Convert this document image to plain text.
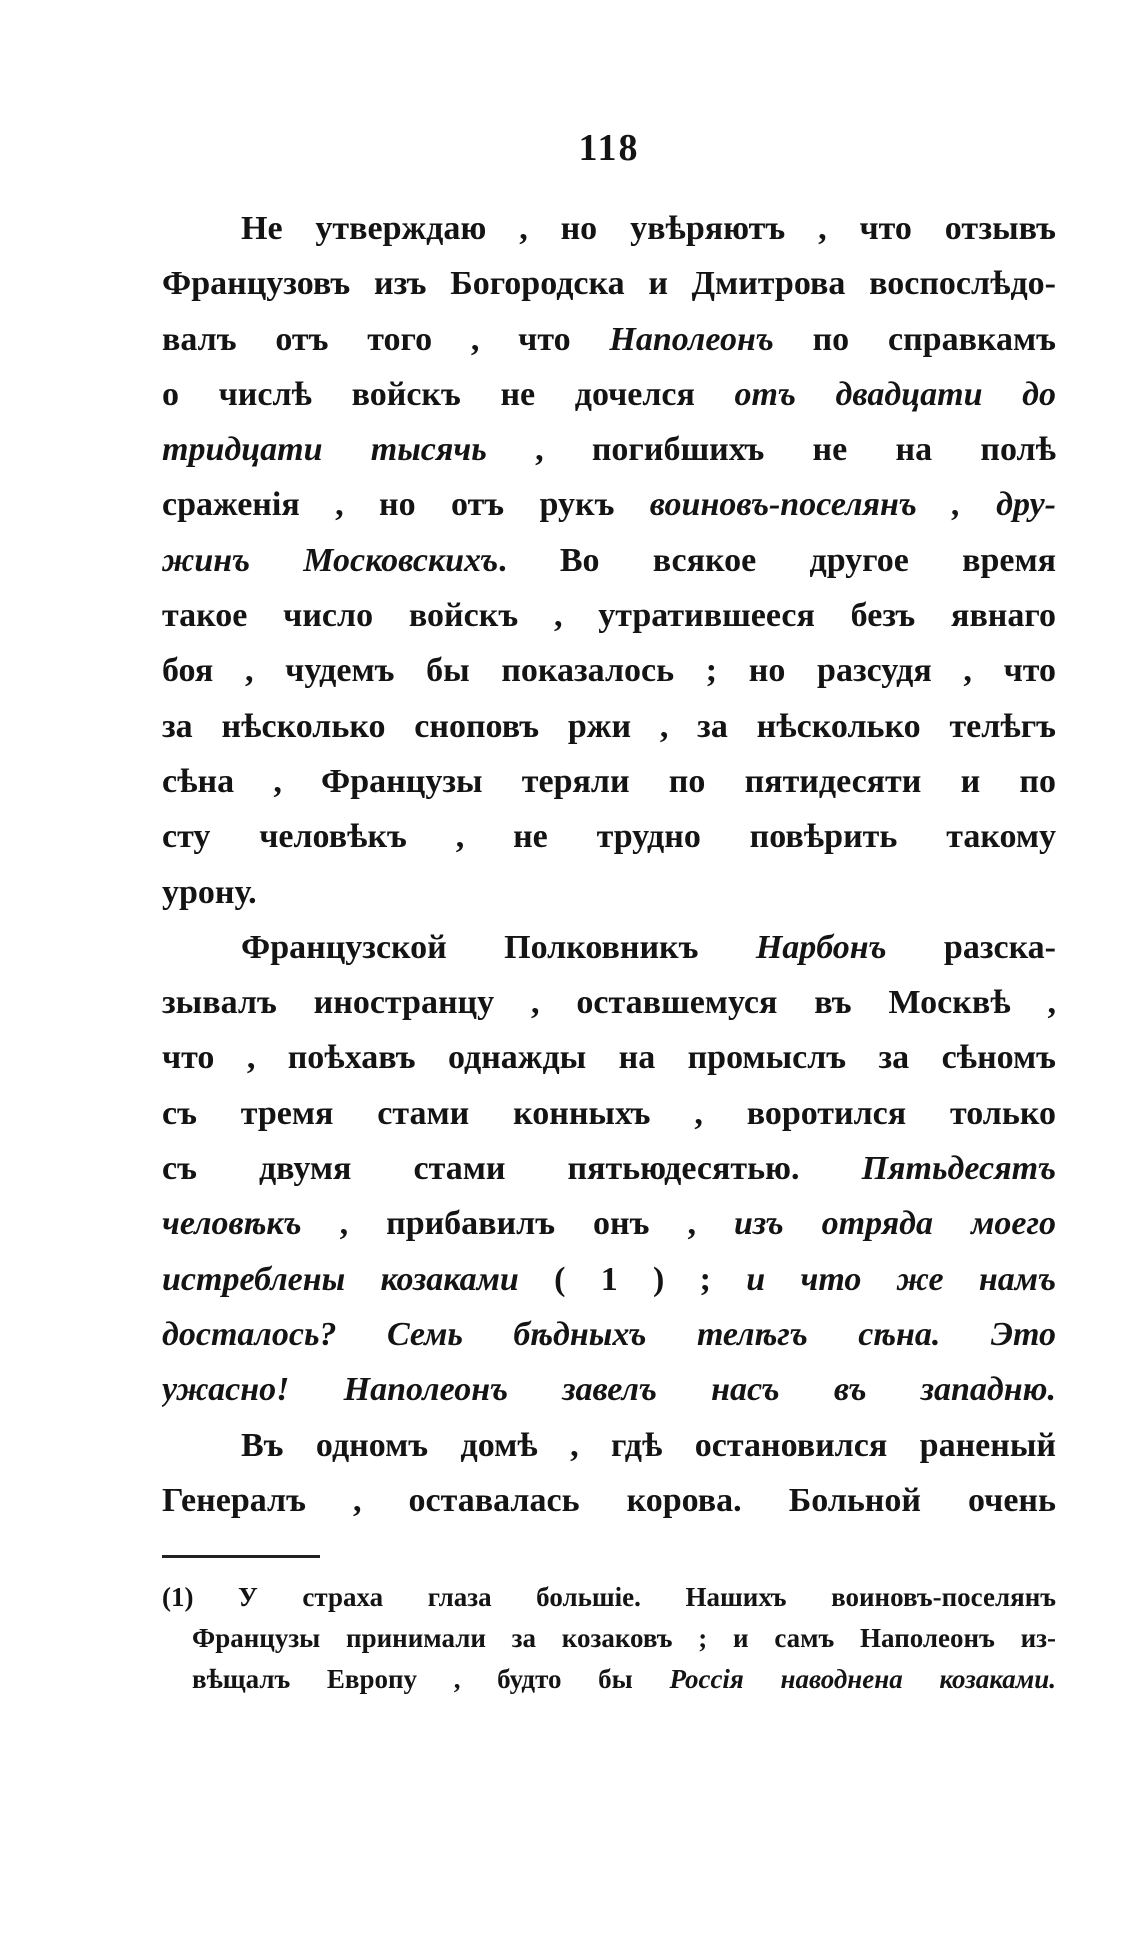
118
Не утверждаю , но увѣряютъ , что отзывъ
Французовъ изъ Богородска и Дмитрова воспослѣдо-
валъ отъ того , что Наполеонъ по справкамъ
о числѣ войскъ не дочелся отъ двадцати до
тридцати тысячь , погибшихъ не на полѣ
сраженія , но отъ рукъ воиновъ-поселянъ , дру-
жинъ Московскихъ. Во всякое другое время
такое число войскъ , утратившееся безъ явнаго
боя , чудемъ бы показалось ; но разсудя , что
за нѣсколько сноповъ ржи , за нѣсколько телѣгъ
сѣна , Французы теряли по пятидесяти и по
сту человѣкъ , не трудно повѣрить такому
урону.
Французской Полковникъ Нарбонъ разска-
зывалъ иностранцу , оставшемуся въ Москвѣ ,
что , поѣхавъ однажды на промыслъ за сѣномъ
съ тремя стами конныхъ , воротился только
съ двумя стами пятьюдесятью. Пятьдесятъ
человѣкъ , прибавилъ онъ , изъ отряда моего
истреблены козаками ( 1 ) ; и что же намъ
досталось? Семь бѣдныхъ телѣгъ сѣна. Это
ужасно! Наполеонъ завелъ насъ въ западню.
Въ одномъ домѣ , гдѣ остановился раненый
Генералъ , оставалась корова. Больной очень
(1) У страха глаза большіе. Нашихъ воиновъ-поселянъ
Французы принимали за козаковъ ; и самъ Наполеонъ из-
вѣщалъ Европу , будто бы Россія наводнена козаками.
